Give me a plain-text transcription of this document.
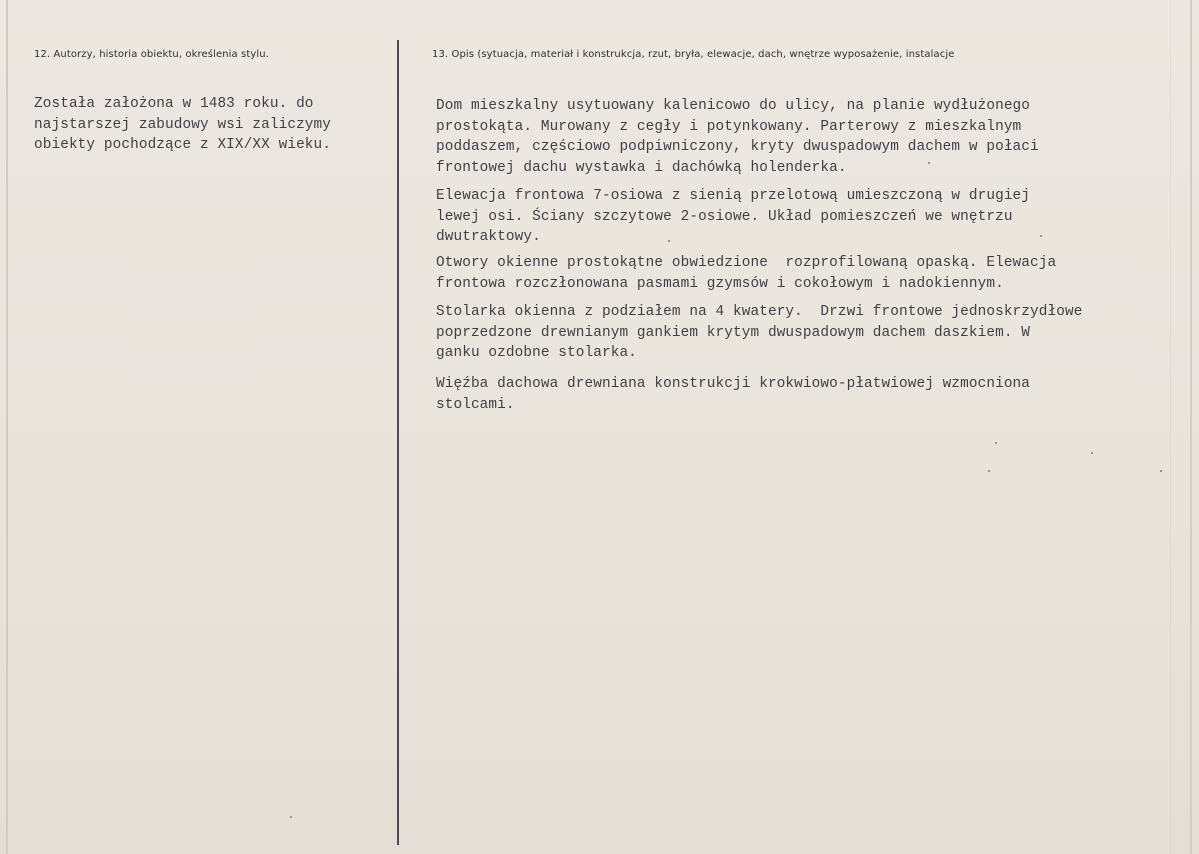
12. Autorzy, historia obiektu, określenia stylu.	13. Opis (sytuacja, materiał i konstrukcja, rzut, bryła, elewacje, dach, wnętrze wyposażenie, instalacje
Została założona w 1483 roku. do
najstarszej zabudowy wsi zaliczymy
obiekty pochodzące z XIX/XX wieku.
Dom mieszkalny usytuowany kalenicowo do ulicy, na planie wydłużonego
prostokąta. Murowany z cegły i potynkowany. Parterowy z mieszkalnym
poddaszem, częściowo podpiwniczony, kryty dwuspadowym dachem w połaci
frontowej dachu wystawka i dachówką holenderka.
Elewacja frontowa 7-osiowa z sienią przelotową umieszczoną w drugiej
lewej osi. Ściany szczytowe 2-osiowe. Układ pomieszczeń we wnętrzu
dwutraktowy.
Otwory okienne prostokątne obwiedzione  rozprofilowaną opaską. Elewacja
frontowa rozczłonowana pasmami gzymsów i cokołowym i nadokiennym.
Stolarka okienna z podziałem na 4 kwatery.  Drzwi frontowe jednoskrzydłowe
poprzedzone drewnianym gankiem krytym dwuspadowym dachem daszkiem. W
ganku ozdobne stolarka.
Więźba dachowa drewniana konstrukcji krokwiowo-płatwiowej wzmocniona
stolcami.
